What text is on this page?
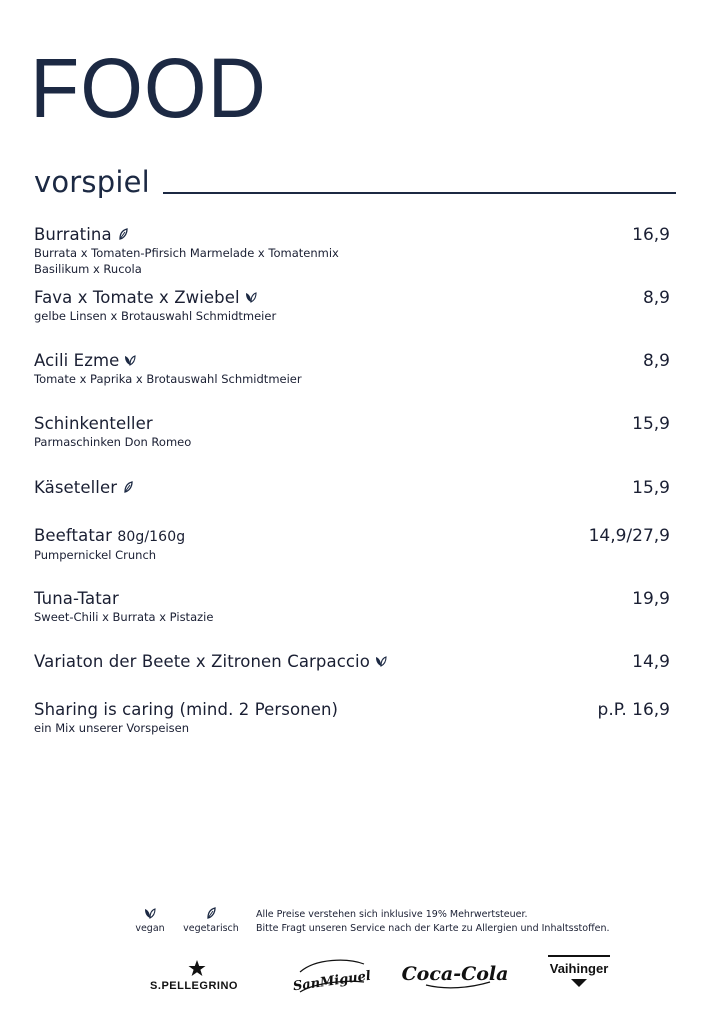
FOOD
vorspiel
Burratina
Burrata x Tomaten-Pfirsich Marmelade x Tomatenmix
Basilikum x Rucola
16,9
Fava x Tomate x Zwiebel
gelbe Linsen x Brotauswahl Schmidtmeier
8,9
Acili Ezme
Tomate x Paprika x Brotauswahl Schmidtmeier
8,9
Schinkenteller
Parmaschinken Don Romeo
15,9
Käseteller	15,9
Beeftatar 80g/160g
Pumpernickel Crunch
14,9/27,9
Tuna-Tatar
Sweet-Chili x Burrata x Pistazie
19,9
Variaton der Beete x Zitronen Carpaccio	14,9
Sharing is caring (mind. 2 Personen)
ein Mix unserer Vorspeisen
p.P. 16,9
vegan	vegetarisch
Alle Preise verstehen sich inklusive 19% Mehrwertsteuer.
Bitte Fragt unseren Service nach der Karte zu Allergien und Inhaltsstoffen.
S.PELLEGRINO	SanMiguel Coca-Cola	Vaihinger
